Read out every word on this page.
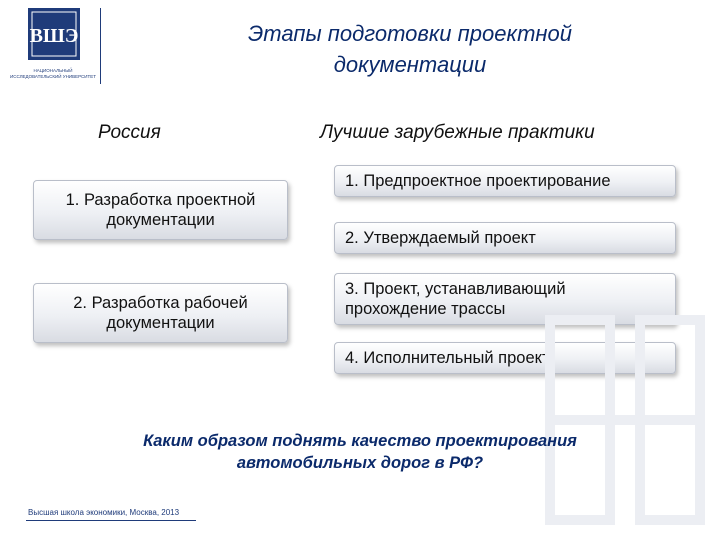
ВШЭ
НАЦИОНАЛЬНЫЙ ИССЛЕДОВАТЕЛЬСКИЙ УНИВЕРСИТЕТ
Этапы подготовки проектной
документации
Россия	Лучшие зарубежные практики
1. Разработка проектной
документации
2. Разработка рабочей
документации
1. Предпроектное проектирование
2. Утверждаемый проект
3. Проект, устанавливающий
прохождение трассы
4. Исполнительный проект
Каким образом поднять качество проектирования
автомобильных дорог в РФ?
Высшая школа экономики, Москва, 2013
